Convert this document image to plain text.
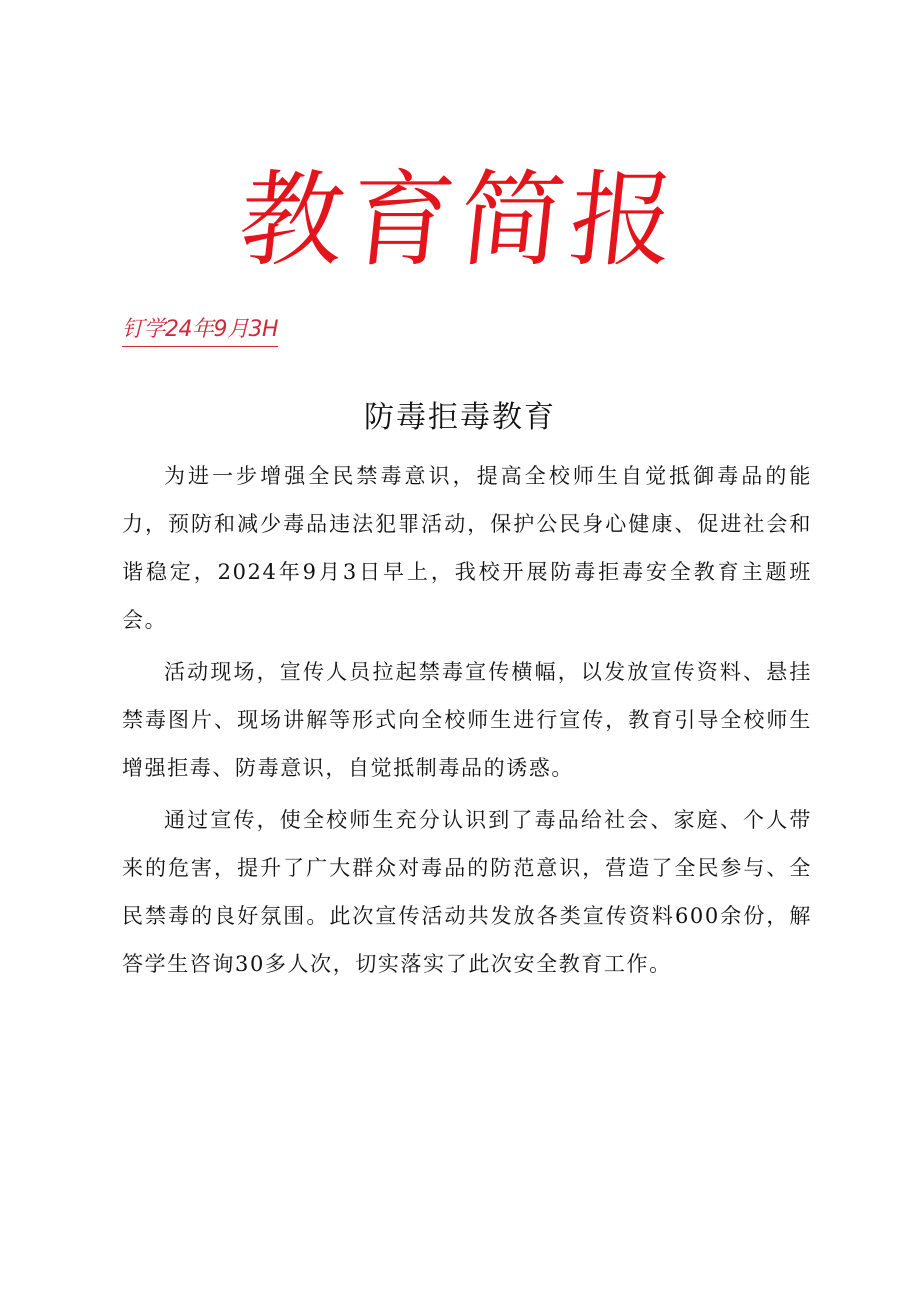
教育简报
钉学24年9月3H
防毒拒毒教育

为进一步增强全民禁毒意识，提高全校师生自觉抵御毒品的能力，预防和减少毒品违法犯罪活动，保护公民身心健康、促进社会和谐稳定，2024年9月3日早上，我校开展防毒拒毒安全教育主题班会。

活动现场，宣传人员拉起禁毒宣传横幅，以发放宣传资料、悬挂禁毒图片、现场讲解等形式向全校师生进行宣传，教育引导全校师生增强拒毒、防毒意识，自觉抵制毒品的诱惑。

通过宣传，使全校师生充分认识到了毒品给社会、家庭、个人带来的危害，提升了广大群众对毒品的防范意识，营造了全民参与、全民禁毒的良好氛围。此次宣传活动共发放各类宣传资料600余份，解答学生咨询30多人次，切实落实了此次安全教育工作。
